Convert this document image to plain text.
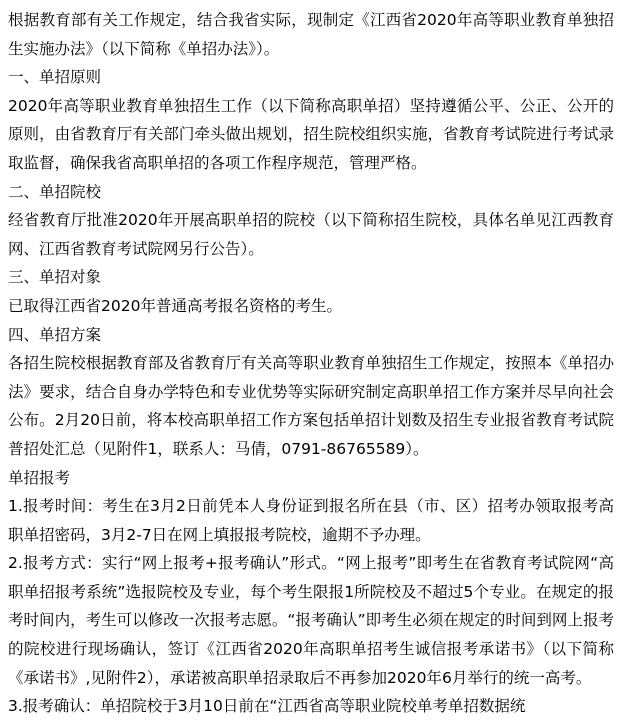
根据教育部有关工作规定，结合我省实际，现制定《江西省2020年高等职业教育单独招生实施办法》（以下简称《单招办法》）。

一、单招原则

2020年高等职业教育单独招生工作（以下简称高职单招）坚持遵循公平、公正、公开的原则，由省教育厅有关部门牵头做出规划，招生院校组织实施，省教育考试院进行考试录取监督，确保我省高职单招的各项工作程序规范，管理严格。

二、单招院校

经省教育厅批准2020年开展高职单招的院校（以下简称招生院校，具体名单见江西教育网、江西省教育考试院网另行公告）。

三、单招对象

已取得江西省2020年普通高考报名资格的考生。

四、单招方案

各招生院校根据教育部及省教育厅有关高等职业教育单独招生工作规定，按照本《单招办法》要求，结合自身办学特色和专业优势等实际研究制定高职单招工作方案并尽早向社会公布。2月20日前，将本校高职单招工作方案包括单招计划数及招生专业报省教育考试院普招处汇总（见附件1，联系人：马倩，0791-86765589）。

单招报考

1.报考时间：考生在3月2日前凭本人身份证到报名所在县（市、区）招考办领取报考高职单招密码，3月2-7日在网上填报报考院校，逾期不予办理。

2.报考方式：实行“网上报考+报考确认”形式。“网上报考”即考生在省教育考试院网“高职单招报考系统”选报院校及专业，每个考生限报1所院校及不超过5个专业。在规定的报考时间内，考生可以修改一次报考志愿。“报考确认”即考生必须在规定的时间到网上报考的院校进行现场确认，签订《江西省2020年高职单招考生诚信报考承诺书》（以下简称《承诺书》,见附件2），承诺被高职单招录取后不再参加2020年6月举行的统一高考。

3.报考确认：单招院校于3月10日前在“江西省高等职业院校单考单招数据统
